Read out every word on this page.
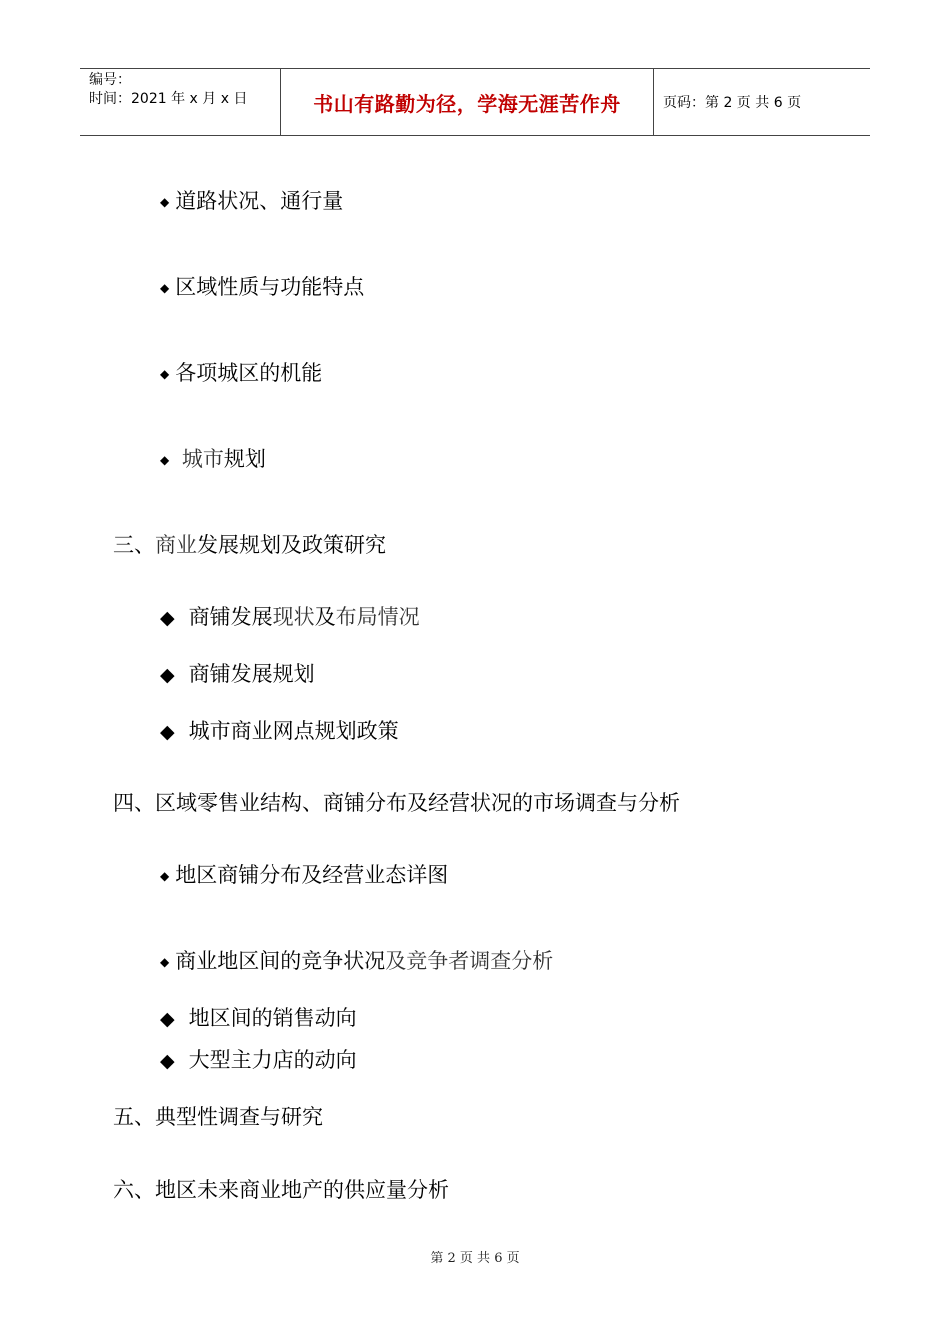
编号：
时间：2021 年 x 月 x 日	书山有路勤为径，学海无涯苦作舟	页码：第 2 页 共 6 页
◆ 道路状况、通行量
◆ 区域性质与功能特点
◆ 各项城区的机能
◆ 城市规划
三、商业发展规划及政策研究
◆ 商铺发展现状及布局情况
◆ 商铺发展规划
◆ 城市商业网点规划政策
四、区域零售业结构、商铺分布及经营状况的市场调查与分析
◆ 地区商铺分布及经营业态详图
◆ 商业地区间的竞争状况及竞争者调查分析
◆ 地区间的销售动向
◆ 大型主力店的动向
五、典型性调查与研究
六、地区未来商业地产的供应量分析
第 2 页 共 6 页
